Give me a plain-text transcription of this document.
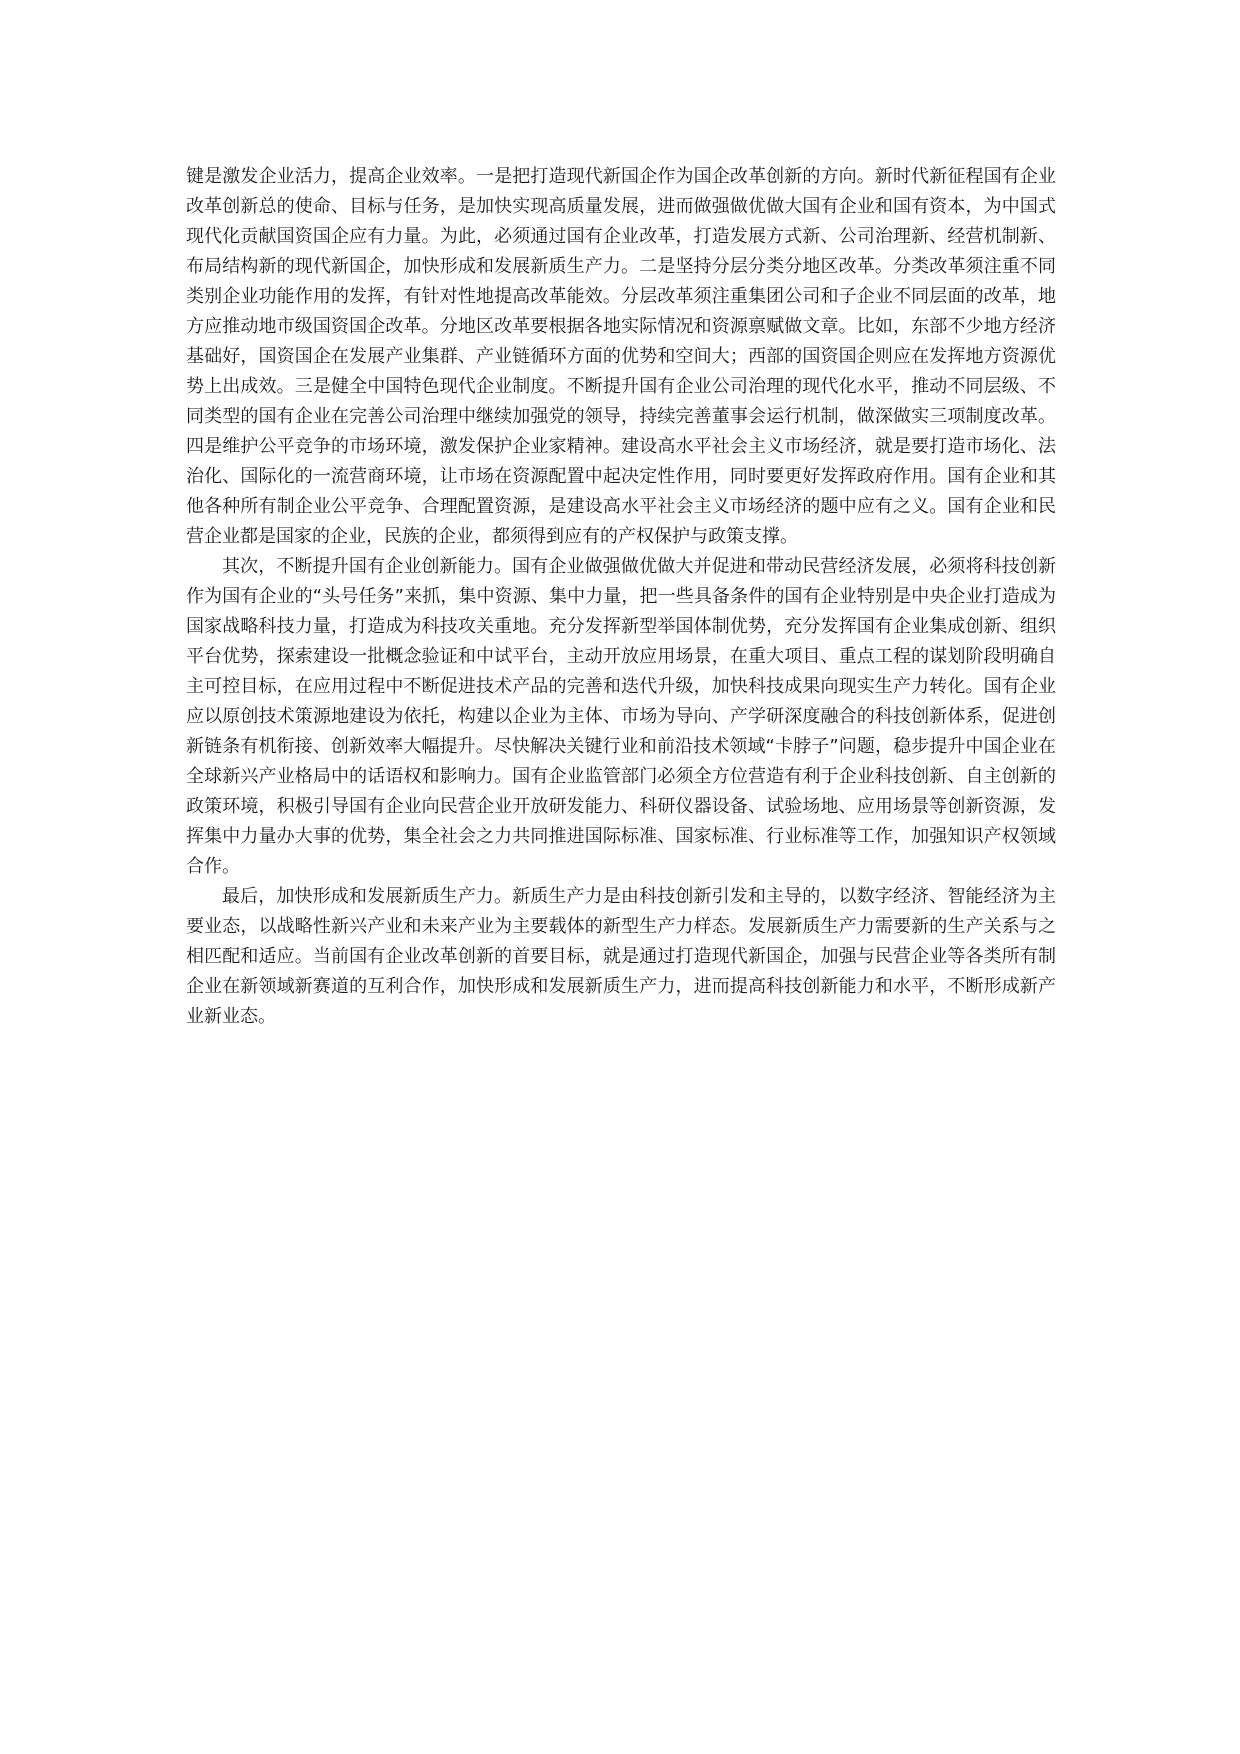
键是激发企业活力，提高企业效率。一是把打造现代新国企作为国企改革创新的方向。新时代新征程国有企业改革创新总的使命、目标与任务，是加快实现高质量发展，进而做强做优做大国有企业和国有资本，为中国式现代化贡献国资国企应有力量。为此，必须通过国有企业改革，打造发展方式新、公司治理新、经营机制新、布局结构新的现代新国企，加快形成和发展新质生产力。二是坚持分层分类分地区改革。分类改革须注重不同类别企业功能作用的发挥，有针对性地提高改革能效。分层改革须注重集团公司和子企业不同层面的改革，地方应推动地市级国资国企改革。分地区改革要根据各地实际情况和资源禀赋做文章。比如，东部不少地方经济基础好，国资国企在发展产业集群、产业链循环方面的优势和空间大；西部的国资国企则应在发挥地方资源优势上出成效。三是健全中国特色现代企业制度。不断提升国有企业公司治理的现代化水平，推动不同层级、不同类型的国有企业在完善公司治理中继续加强党的领导，持续完善董事会运行机制，做深做实三项制度改革。四是维护公平竞争的市场环境，激发保护企业家精神。建设高水平社会主义市场经济，就是要打造市场化、法治化、国际化的一流营商环境，让市场在资源配置中起决定性作用，同时要更好发挥政府作用。国有企业和其他各种所有制企业公平竞争、合理配置资源，是建设高水平社会主义市场经济的题中应有之义。国有企业和民营企业都是国家的企业，民族的企业，都须得到应有的产权保护与政策支撑。

其次，不断提升国有企业创新能力。国有企业做强做优做大并促进和带动民营经济发展，必须将科技创新作为国有企业的“头号任务”来抓，集中资源、集中力量，把一些具备条件的国有企业特别是中央企业打造成为国家战略科技力量，打造成为科技攻关重地。充分发挥新型举国体制优势，充分发挥国有企业集成创新、组织平台优势，探索建设一批概念验证和中试平台，主动开放应用场景，在重大项目、重点工程的谋划阶段明确自主可控目标，在应用过程中不断促进技术产品的完善和迭代升级，加快科技成果向现实生产力转化。国有企业应以原创技术策源地建设为依托，构建以企业为主体、市场为导向、产学研深度融合的科技创新体系，促进创新链条有机衔接、创新效率大幅提升。尽快解决关键行业和前沿技术领域“卡脖子”问题，稳步提升中国企业在全球新兴产业格局中的话语权和影响力。国有企业监管部门必须全方位营造有利于企业科技创新、自主创新的政策环境，积极引导国有企业向民营企业开放研发能力、科研仪器设备、试验场地、应用场景等创新资源，发挥集中力量办大事的优势，集全社会之力共同推进国际标准、国家标准、行业标准等工作，加强知识产权领域合作。

最后，加快形成和发展新质生产力。新质生产力是由科技创新引发和主导的，以数字经济、智能经济为主要业态，以战略性新兴产业和未来产业为主要载体的新型生产力样态。发展新质生产力需要新的生产关系与之相匹配和适应。当前国有企业改革创新的首要目标，就是通过打造现代新国企，加强与民营企业等各类所有制企业在新领域新赛道的互利合作，加快形成和发展新质生产力，进而提高科技创新能力和水平，不断形成新产业新业态。
